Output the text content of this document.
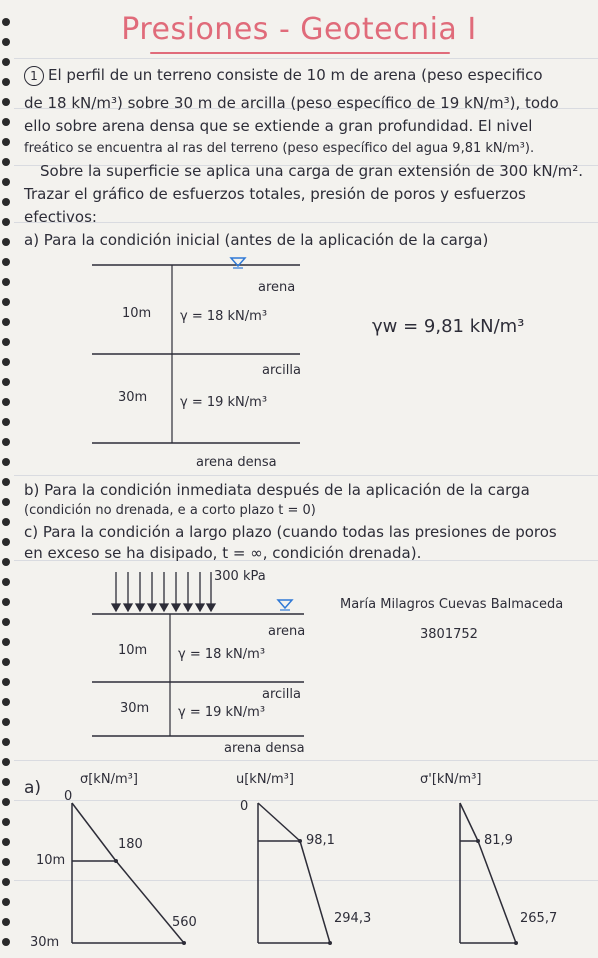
Presiones - Geotecnia I
1 El perfil de un terreno consiste de 10 m de arena (peso especifico
de 18 kN/m³) sobre 30 m de arcilla (peso específico de 19 kN/m³), todo
ello sobre arena densa que se extiende a gran profundidad. El nivel
freático se encuentra al ras del terreno (peso específico del agua 9,81 kN/m³).
Sobre la superficie se aplica una carga de gran extensión de 300 kN/m².
Trazar el gráfico de esfuerzos totales, presión de poros y esfuerzos
efectivos:
a) Para la condición inicial (antes de la aplicación de la carga)
arena
10m γ = 18 kN/m³	γw = 9,81 kN/m³
arcilla
30m	γ = 19 kN/m³
arena densa
b) Para la condición inmediata después de la aplicación de la carga
(condición no drenada, e a corto plazo t = 0)
c) Para la condición a largo plazo (cuando todas las presiones de poros
en exceso se ha disipado, t = ∞, condición drenada).
300 kPa
arena
10m γ = 18 kN/m³
arcilla
30m γ = 19 kN/m³
arena densa
María Milagros Cuevas Balmaceda
3801752
a) 0
σ[kN/m³]
10m
30m
180
560
u[kN/m³]
0
98,1
294,3
σ'[kN/m³]
81,9
265,7
